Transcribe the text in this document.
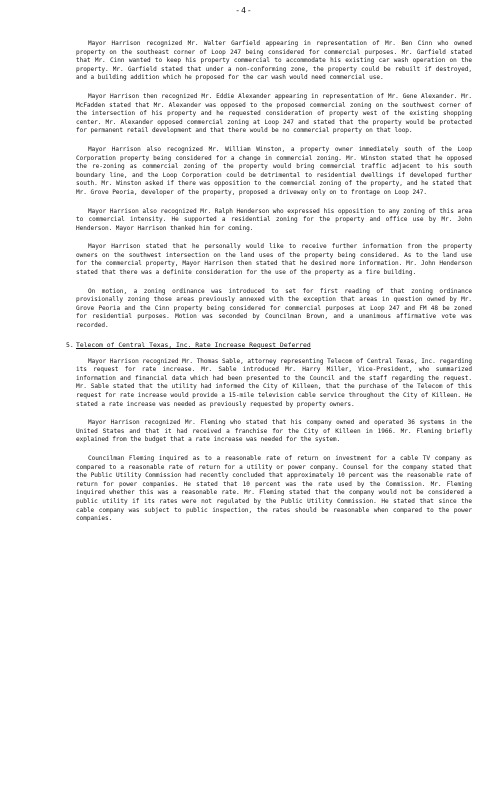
-4-

Mayor Harrison recognized Mr. Walter Garfield appearing in representation of Mr. Ben Cinn who owned property on the southeast corner of Loop 247 being considered for commercial purposes. Mr. Garfield stated that Mr. Cinn wanted to keep his property commercial to accommodate his existing car wash operation on the property. Mr. Garfield stated that under a non-conforming zone, the property could be rebuilt if destroyed, and a building addition which he proposed for the car wash would need commercial use.

Mayor Harrison then recognized Mr. Eddie Alexander appearing in representation of Mr. Gene Alexander. Mr. McFadden stated that Mr. Alexander was opposed to the proposed commercial zoning on the southwest corner of the intersection of his property and he requested consideration of property west of the existing shopping center. Mr. Alexander opposed commercial zoning at Loop 247 and stated that the property would be protected for permanent retail development and that there would be no commercial property on that loop.

Mayor Harrison also recognized Mr. William Winston, a property owner immediately south of the Loop Corporation property being considered for a change in commercial zoning. Mr. Winston stated that he opposed the re-zoning as commercial zoning of the property would bring commercial traffic adjacent to his south boundary line, and the Loop Corporation could be detrimental to residential dwellings if developed further south. Mr. Winston asked if there was opposition to the commercial zoning of the property, and he stated that Mr. Grove Peoria, developer of the property, proposed a driveway only on to frontage on Loop 247.

Mayor Harrison also recognized Mr. Ralph Henderson who expressed his opposition to any zoning of this area to commercial intensity. He supported a residential zoning for the property and office use by Mr. John Henderson. Mayor Harrison thanked him for coming.

Mayor Harrison stated that he personally would like to receive further information from the property owners on the southwest intersection on the land uses of the property being considered. As to the land use for the commercial property, Mayor Harrison then stated that he desired more information. Mr. John Henderson stated that there was a definite consideration for the use of the property as a fire building.

On motion, a zoning ordinance was introduced to set for first reading of that zoning ordinance provisionally zoning those areas previously annexed with the exception that areas in question owned by Mr. Grove Peoria and the Cinn property being considered for commercial purposes at Loop 247 and FM 48 be zoned for residential purposes. Motion was seconded by Councilman Brown, and a unanimous affirmative vote was recorded.

5. Telecom of Central Texas, Inc. Rate Increase Request Deferred

Mayor Harrison recognized Mr. Thomas Sable, attorney representing Telecom of Central Texas, Inc. regarding its request for rate increase. Mr. Sable introduced Mr. Harry Miller, Vice-President, who summarized information and financial data which had been presented to the Council and the staff regarding the request. Mr. Sable stated that the utility had informed the City of Killeen, that the purchase of the Telecom of this request for rate increase would provide a 15-mile television cable service throughout the City of Killeen. He stated a rate increase was needed as previously requested by property owners.

Mayor Harrison recognized Mr. Fleming who stated that his company owned and operated 36 systems in the United States and that it had received a franchise for the City of Killeen in 1966. Mr. Fleming briefly explained from the budget that a rate increase was needed for the system.

Councilman Fleming inquired as to a reasonable rate of return on investment for a cable TV company as compared to a reasonable rate of return for a utility or power company. Counsel for the company stated that the Public Utility Commission had recently concluded that approximately 10 percent was the reasonable rate of return for power companies. He stated that 10 percent was the rate used by the Commission. Mr. Fleming inquired whether this was a reasonable rate. Mr. Fleming stated that the company would not be considered a public utility if its rates were not regulated by the Public Utility Commission. He stated that since the cable company was subject to public inspection, the rates should be reasonable when compared to the power companies.
